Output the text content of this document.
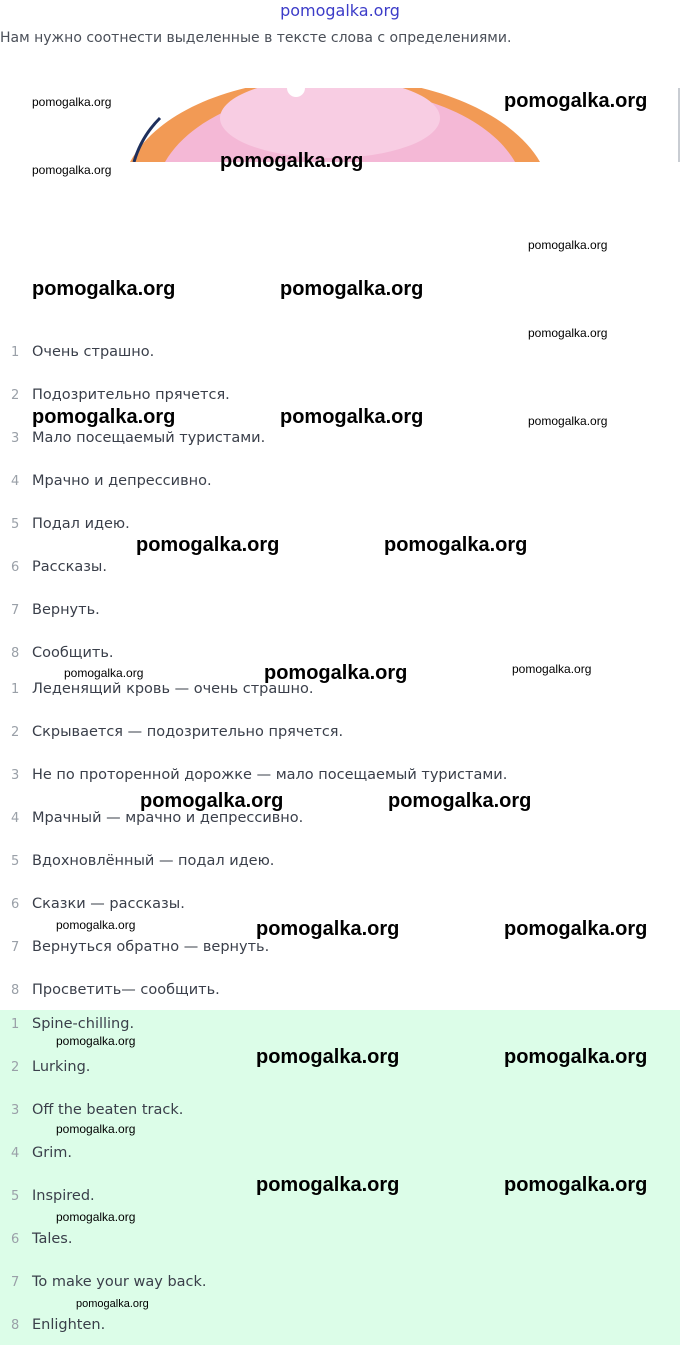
pomogalka.org
Нам нужно соотнести выделенные в тексте слова с определениями.
1 Очень страшно.
2 Подозрительно прячется.
3 Мало посещаемый туристами.
4 Мрачно и депрессивно.
5 Подал идею.
6 Рассказы.
7 Вернуть.
8 Сообщить.
1 Леденящий кровь — очень страшно.
2 Скрывается — подозрительно прячется.
3 Не по проторенной дорожке — мало посещаемый туристами.
4 Мрачный — мрачно и депрессивно.
5 Вдохновлённый — подал идею.
6 Сказки — рассказы.
7 Вернуться обратно — вернуть.
8 Просветить— сообщить.
1 Spine-chilling.
2 Lurking.
3 Off the beaten track.
4 Grim.
5 Inspired.
6 Tales.
7 To make your way back.
8 Enlighten.
pomogalka.org	pomogalka.org
pomogalka.org	pomogalka.org
pomogalka.org
pomogalka.org	pomogalka.org
pomogalka.org
pomogalka.org	pomogalka.org	pomogalka.org
pomogalka.org	pomogalka.org
pomogalka.org	pomogalka.org	pomogalka.org
pomogalka.org	pomogalka.org
pomogalka.org	pomogalka.org	pomogalka.org
pomogalka.org
pomogalka.org	pomogalka.org
pomogalka.org
pomogalka.org	pomogalka.org
pomogalka.org
pomogalka.org
